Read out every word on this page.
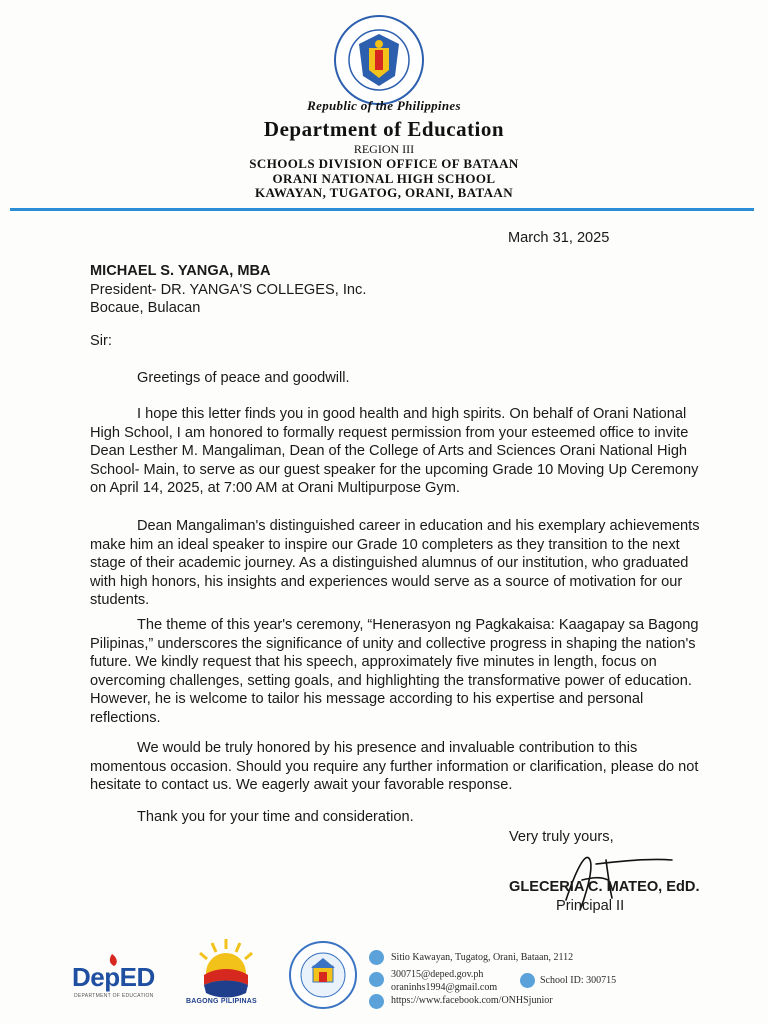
Republic of the Philippines
Department of Education
REGION III
SCHOOLS DIVISION OFFICE OF BATAAN
ORANI NATIONAL HIGH SCHOOL
KAWAYAN, TUGATOG, ORANI, BATAAN
March 31, 2025
MICHAEL S. YANGA, MBA
President- DR. YANGA'S COLLEGES, Inc.
Bocaue, Bulacan
Sir:
Greetings of peace and goodwill.
I hope this letter finds you in good health and high spirits. On behalf of Orani National High School, I am honored to formally request permission from your esteemed office to invite Dean Lesther M. Mangaliman, Dean of the College of Arts and Sciences Orani National High School- Main, to serve as our guest speaker for the upcoming Grade 10 Moving Up Ceremony on April 14, 2025, at 7:00 AM at Orani Multipurpose Gym.
Dean Mangaliman's distinguished career in education and his exemplary achievements make him an ideal speaker to inspire our Grade 10 completers as they transition to the next stage of their academic journey. As a distinguished alumnus of our institution, who graduated with high honors, his insights and experiences would serve as a source of motivation for our students.
The theme of this year's ceremony, “Henerasyon ng Pagkakaisa: Kaagapay sa Bagong Pilipinas,” underscores the significance of unity and collective progress in shaping the nation's future. We kindly request that his speech, approximately five minutes in length, focus on overcoming challenges, setting goals, and highlighting the transformative power of education. However, he is welcome to tailor his message according to his expertise and personal reflections.
We would be truly honored by his presence and invaluable contribution to this momentous occasion. Should you require any further information or clarification, please do not hesitate to contact us. We eagerly await your favorable response.
Thank you for your time and consideration.
Very truly yours,
GLECERIA C. MATEO, EdD.
Principal II
DepED
DEPARTMENT OF EDUCATION
BAGONG PILIPINAS
Sitio Kawayan, Tugatog, Orani, Bataan, 2112
300715@deped.gov.ph
oraninhs1994@gmail.com
School ID: 300715
https://www.facebook.com/ONHSjunior
